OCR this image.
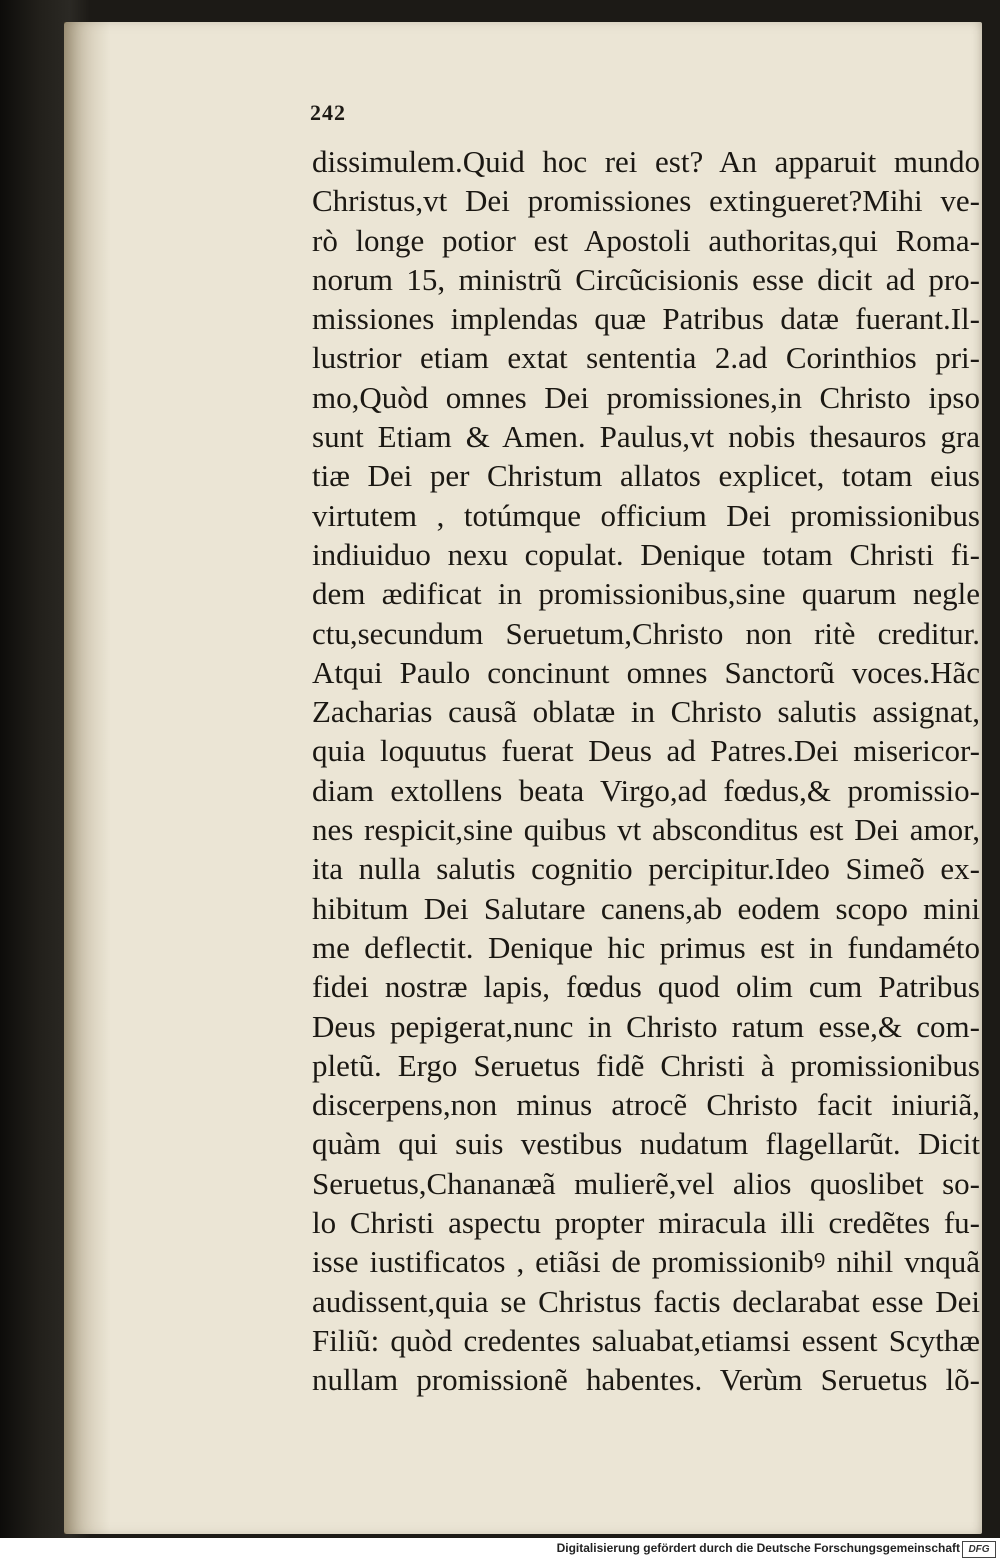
242
dissimulem.Quid hoc rei est? An apparuit mundo
Christus,vt Dei promissiones extingueret?Mihi ve-
rò longe potior est Apostoli authoritas,qui Roma-
norum 15, ministrũ Circũcisionis esse dicit ad pro-
missiones implendas quæ Patribus datæ fuerant.Il-
lustrior etiam extat sententia 2.ad Corinthios pri-
mo,Quòd omnes Dei promissiones,in Christo ipso
sunt Etiam & Amen. Paulus,vt nobis thesauros gra
tiæ Dei per Christum allatos explicet, totam eius
virtutem , totúmque officium Dei promissionibus
indiuiduo nexu copulat. Denique totam Christi fi-
dem ædificat in promissionibus,sine quarum negle
ctu,secundum Seruetum,Christo non ritè creditur.
Atqui Paulo concinunt omnes Sanctorũ voces.Hãc
Zacharias causã oblatæ in Christo salutis assignat,
quia loquutus fuerat Deus ad Patres.Dei misericor-
diam extollens beata Virgo,ad fœdus,& promissio-
nes respicit,sine quibus vt absconditus est Dei amor,
ita nulla salutis cognitio percipitur.Ideo Simeõ ex-
hibitum Dei Salutare canens,ab eodem scopo mini
me deflectit. Denique hic primus est in fundaméto
fidei nostræ lapis, fœdus quod olim cum Patribus
Deus pepigerat,nunc in Christo ratum esse,& com-
pletũ. Ergo Seruetus fidẽ Christi à promissionibus
discerpens,non minus atrocẽ Christo facit iniuriã,
quàm qui suis vestibus nudatum flagellarũt. Dicit
Seruetus,Chananæã mulierẽ,vel alios quoslibet so-
lo Christi aspectu propter miracula illi credẽtes fu-
isse iustificatos , etiãsi de promissionibꝰ nihil vnquã
audissent,quia se Christus factis declarabat esse Dei
Filiũ: quòd credentes saluabat,etiamsi essent Scythæ
nullam promissionẽ habentes. Verùm Seruetus lõ-
Digitalisierung gefördert durch die Deutsche Forschungsgemeinschaft DFG
